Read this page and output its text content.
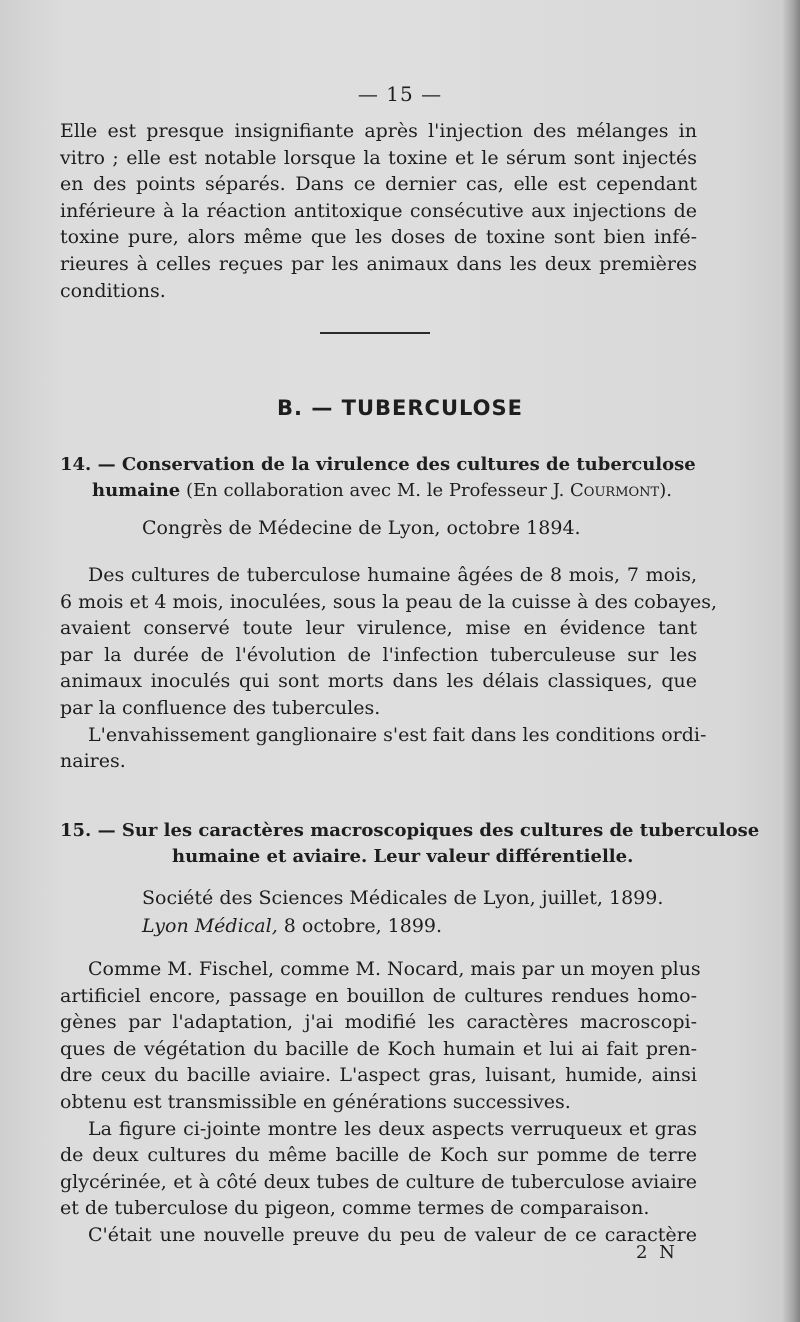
— 15 —

Elle est presque insignifiante après l'injection des mélanges in
vitro ; elle est notable lorsque la toxine et le sérum sont injectés
en des points séparés. Dans ce dernier cas, elle est cependant
inférieure à la réaction antitoxique consécutive aux injections de
toxine pure, alors même que les doses de toxine sont bien infé-
rieures à celles reçues par les animaux dans les deux premières
conditions.

B. — TUBERCULOSE
14. — Conservation de la virulence des cultures de tuberculose
humaine (En collaboration avec M. le Professeur J. Courmont).
Congrès de Médecine de Lyon, octobre 1894.

Des cultures de tuberculose humaine âgées de 8 mois, 7 mois,

6 mois et 4 mois, inoculées, sous la peau de la cuisse à des cobayes,
avaient conservé toute leur virulence, mise en évidence tant
par la durée de l'évolution de l'infection tuberculeuse sur les
animaux inoculés qui sont morts dans les délais classiques, que
par la confluence des tubercules.

L'envahissement ganglionaire s'est fait dans les conditions ordi-

naires.

15. — Sur les caractères macroscopiques des cultures de tuberculose
humaine et aviaire. Leur valeur différentielle.
Société des Sciences Médicales de Lyon, juillet, 1899.
Lyon Médical, 8 octobre, 1899.

Comme M. Fischel, comme M. Nocard, mais par un moyen plus

artificiel encore, passage en bouillon de cultures rendues homo-
gènes par l'adaptation, j'ai modifié les caractères macroscopi-
ques de végétation du bacille de Koch humain et lui ai fait pren-
dre ceux du bacille aviaire. L'aspect gras, luisant, humide, ainsi
obtenu est transmissible en générations successives.

La figure ci-jointe montre les deux aspects verruqueux et gras

de deux cultures du même bacille de Koch sur pomme de terre
glycérinée, et à côté deux tubes de culture de tuberculose aviaire
et de tuberculose du pigeon, comme termes de comparaison.

C'était une nouvelle preuve du peu de valeur de ce caractère

2 N
